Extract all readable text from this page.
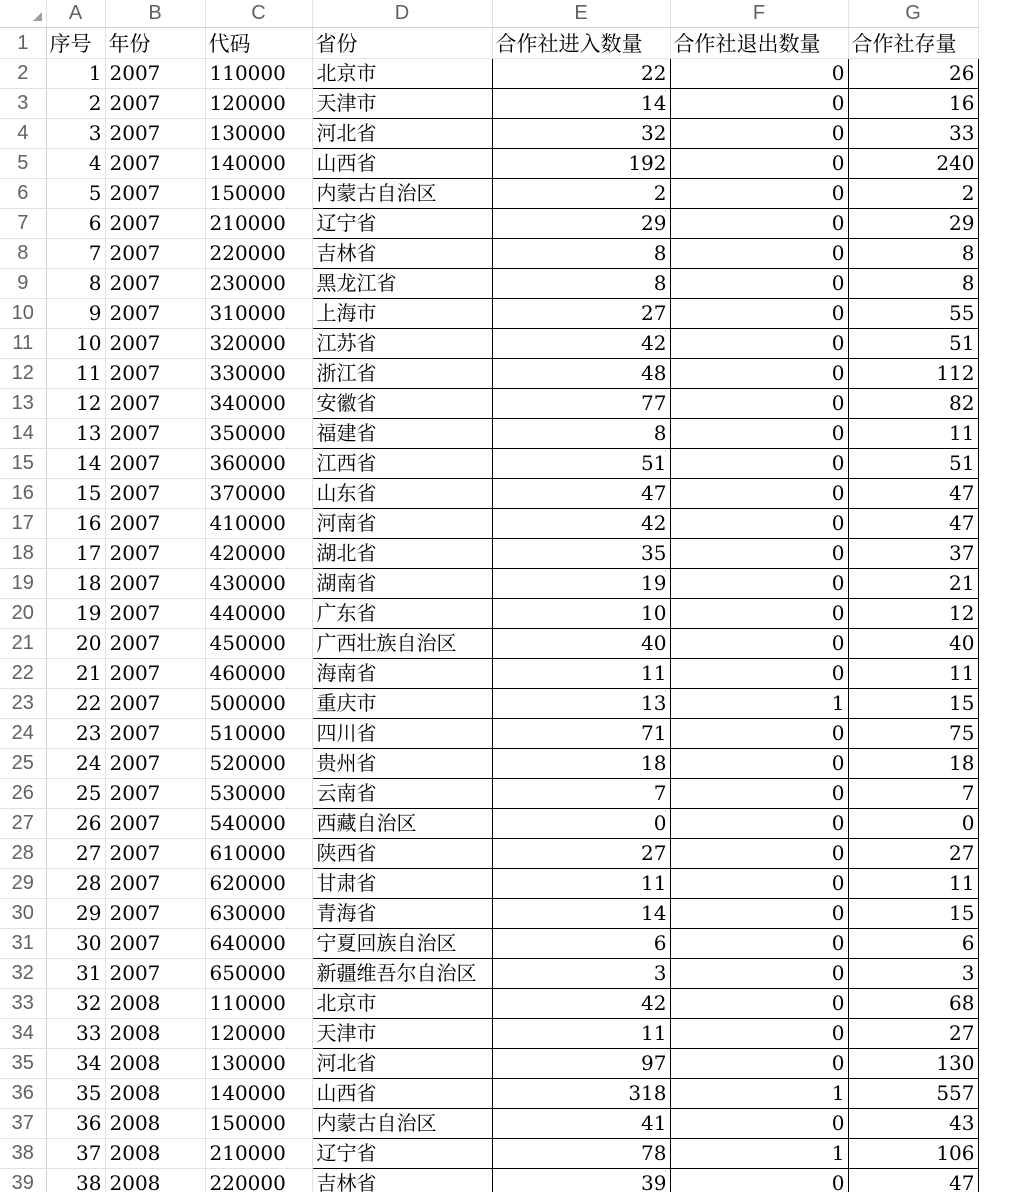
	A	B	C	D	E	F	G
1	序号	年份	代码	省份	合作社进入数量	合作社退出数量	合作社存量
2	1	2007	110000	北京市	22	0	26
3	2	2007	120000	天津市	14	0	16
4	3	2007	130000	河北省	32	0	33
5	4	2007	140000	山西省	192	0	240
6	5	2007	150000	内蒙古自治区	2	0	2
7	6	2007	210000	辽宁省	29	0	29
8	7	2007	220000	吉林省	8	0	8
9	8	2007	230000	黑龙江省	8	0	8
10	9	2007	310000	上海市	27	0	55
11	10	2007	320000	江苏省	42	0	51
12	11	2007	330000	浙江省	48	0	112
13	12	2007	340000	安徽省	77	0	82
14	13	2007	350000	福建省	8	0	11
15	14	2007	360000	江西省	51	0	51
16	15	2007	370000	山东省	47	0	47
17	16	2007	410000	河南省	42	0	47
18	17	2007	420000	湖北省	35	0	37
19	18	2007	430000	湖南省	19	0	21
20	19	2007	440000	广东省	10	0	12
21	20	2007	450000	广西壮族自治区	40	0	40
22	21	2007	460000	海南省	11	0	11
23	22	2007	500000	重庆市	13	1	15
24	23	2007	510000	四川省	71	0	75
25	24	2007	520000	贵州省	18	0	18
26	25	2007	530000	云南省	7	0	7
27	26	2007	540000	西藏自治区	0	0	0
28	27	2007	610000	陕西省	27	0	27
29	28	2007	620000	甘肃省	11	0	11
30	29	2007	630000	青海省	14	0	15
31	30	2007	640000	宁夏回族自治区	6	0	6
32	31	2007	650000	新疆维吾尔自治区	3	0	3
33	32	2008	110000	北京市	42	0	68
34	33	2008	120000	天津市	11	0	27
35	34	2008	130000	河北省	97	0	130
36	35	2008	140000	山西省	318	1	557
37	36	2008	150000	内蒙古自治区	41	0	43
38	37	2008	210000	辽宁省	78	1	106
39	38	2008	220000	吉林省	39	0	47
